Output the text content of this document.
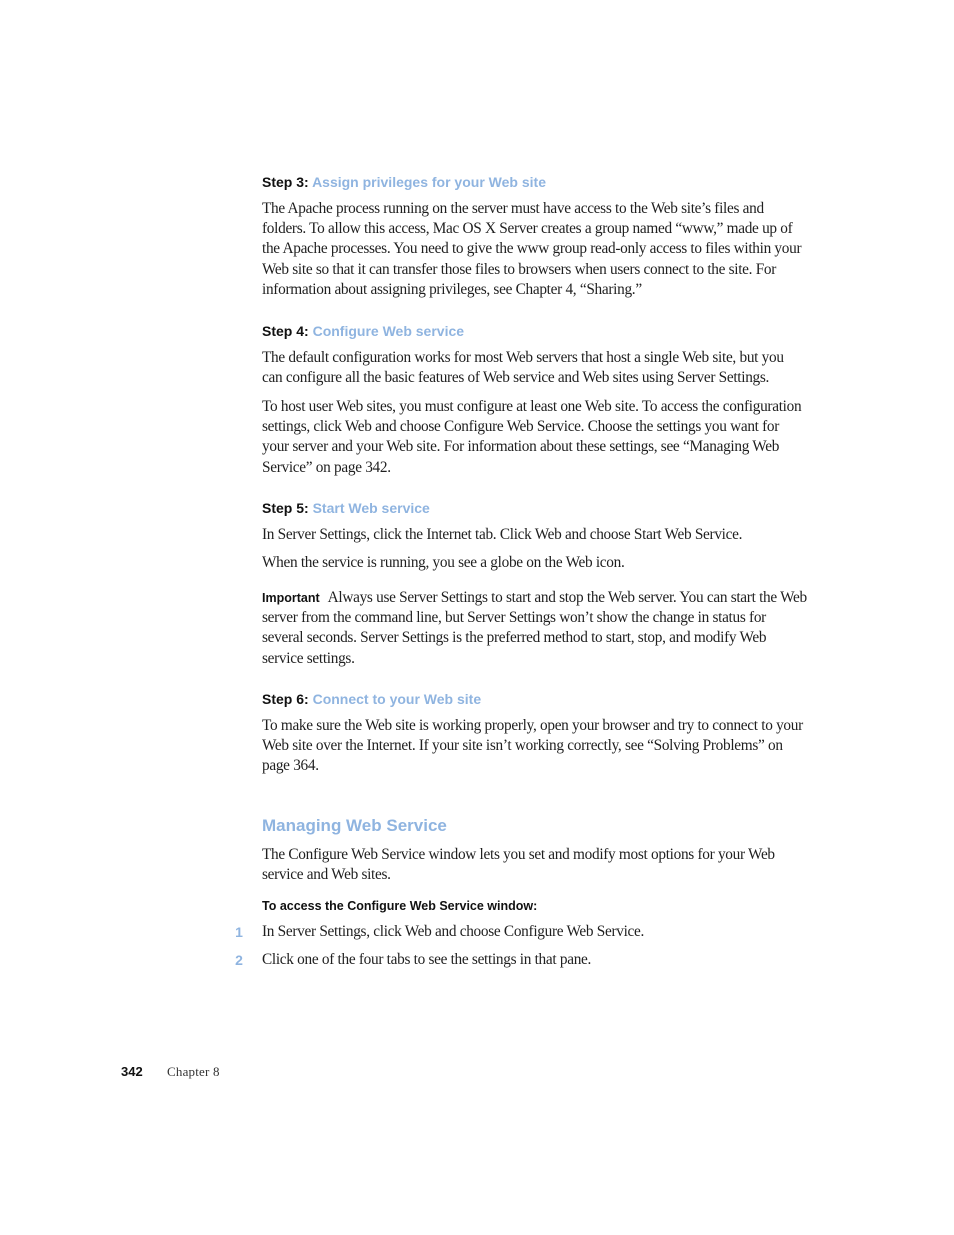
Step 3: Assign privileges for your Web site
The Apache process running on the server must have access to the Web site’s files and folders. To allow this access, Mac OS X Server creates a group named “www,” made up of the Apache processes. You need to give the www group read-only access to files within your Web site so that it can transfer those files to browsers when users connect to the site. For information about assigning privileges, see Chapter 4, “Sharing.”
Step 4: Configure Web service
The default configuration works for most Web servers that host a single Web site, but you can configure all the basic features of Web service and Web sites using Server Settings.
To host user Web sites, you must configure at least one Web site. To access the configuration settings, click Web and choose Configure Web Service. Choose the settings you want for your server and your Web site. For information about these settings, see “Managing Web Service” on page 342.
Step 5: Start Web service
In Server Settings, click the Internet tab. Click Web and choose Start Web Service.
When the service is running, you see a globe on the Web icon.
Important Always use Server Settings to start and stop the Web server. You can start the Web server from the command line, but Server Settings won’t show the change in status for several seconds. Server Settings is the preferred method to start, stop, and modify Web service settings.
Step 6: Connect to your Web site
To make sure the Web site is working properly, open your browser and try to connect to your Web site over the Internet. If your site isn’t working correctly, see “Solving Problems” on page 364.
Managing Web Service
The Configure Web Service window lets you set and modify most options for your Web service and Web sites.
To access the Configure Web Service window:
1 In Server Settings, click Web and choose Configure Web Service.
2 Click one of the four tabs to see the settings in that pane.
342 Chapter 8
